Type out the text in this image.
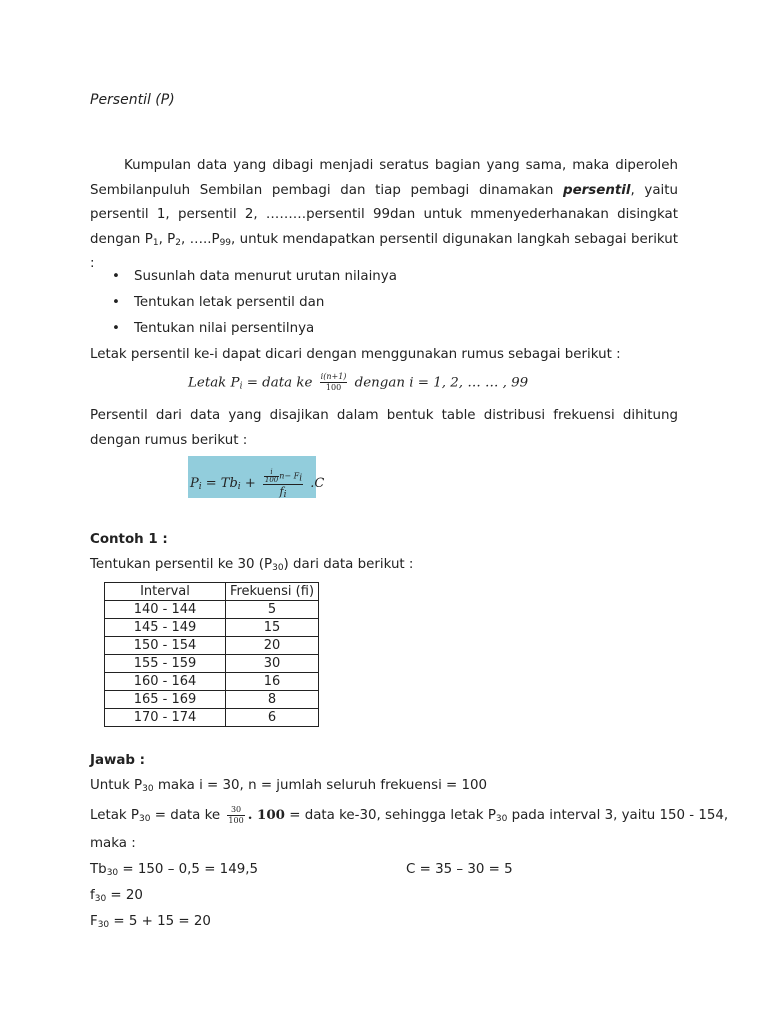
Persentil (P)
Kumpulan data yang dibagi menjadi seratus bagian yang sama, maka diperoleh Sembilanpuluh Sembilan pembagi dan tiap pembagi dinamakan persentil, yaitu persentil 1, persentil 2, ………persentil 99dan untuk mmenyederhanakan disingkat dengan $P_1$, $P_2$, $\dots..P_{99}$, untuk mendapatkan persentil digunakan langkah sebagai berikut :
• Susunlah data menurut urutan nilainya
• Tentukan letak persentil dan
• Tentukan nilai persentilnya
Letak persentil ke-i dapat dicari dengan menggunakan rumus sebagai berikut :
Letak $P_i$ = data ke $\frac{i(n+1)}{100}$ dengan i = 1, 2, … … , 99
Persentil dari data yang disajikan dalam bentuk table distribusi frekuensi dihitung dengan rumus berikut :
$P_i = Tb_i + \frac{\frac{i}{100} n- F_i}{f_i} .C$
Contoh 1 :
Tentukan persentil ke 30 $(P_{30})$ dari data berikut :
Interval	Frekuensi (fi)
140 - 144	5
145 - 149	15
150 - 154	20
155 - 159	30
160 - 164	16
165 - 169	8
170 - 174	6
Jawab :
Untuk $P_{30}$ maka i = 30, n = jumlah seluruh frekuensi = 100
Letak $P_{30}$ = data ke $\frac{30}{100}$ . 100 = data ke-30, sehingga letak $P_{30}$ pada interval 3, yaitu 150 - 154,
maka :
$Tb_{30} = 150 - 0,5 = 149,5$	C = 35 – 30 = 5
$f_{30} = 20$
$F_{30} = 5 + 15 = 20$
